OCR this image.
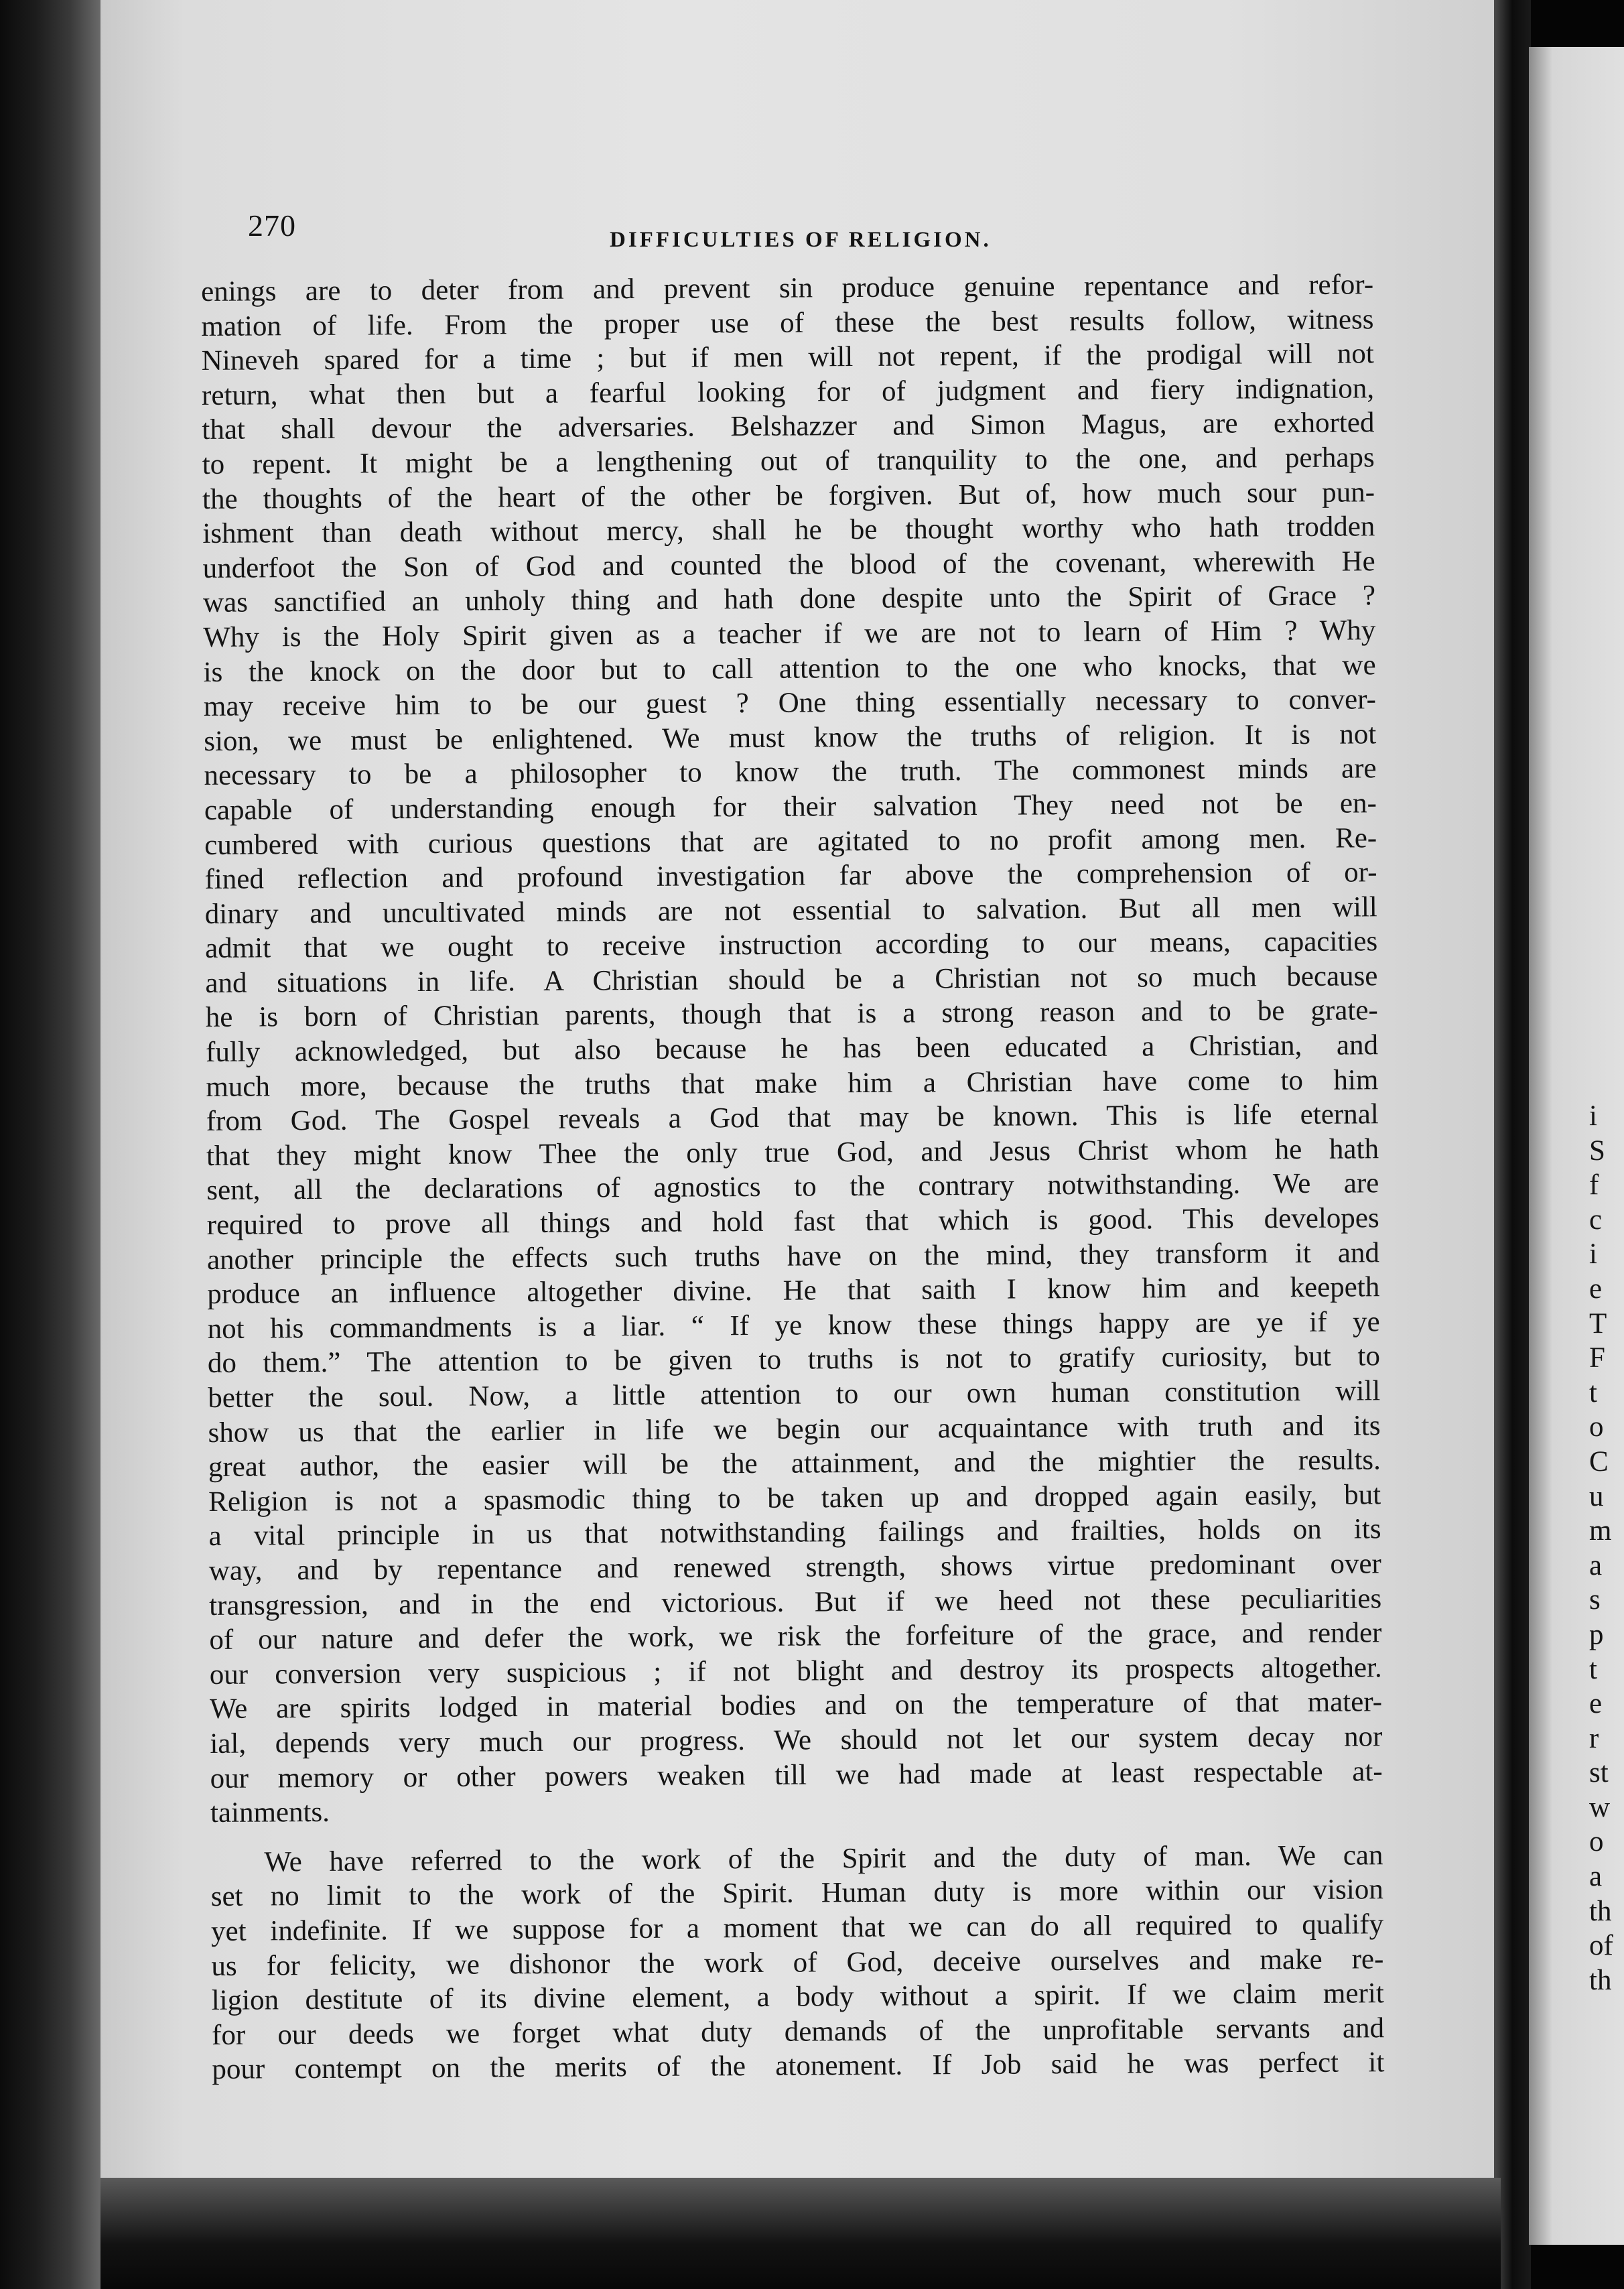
270	DIFFICULTIES OF RELIGION.
enings are to deter from and prevent sin produce genuine repentance and refor-
mation of life. From the proper use of these the best results follow, witness
Nineveh spared for a time ; but if men will not repent, if the prodigal will not
return, what then but a fearful looking for of judgment and fiery indignation,
that shall devour the adversaries. Belshazzer and Simon Magus, are exhorted
to repent. It might be a lengthening out of tranquility to the one, and perhaps
the thoughts of the heart of the other be forgiven. But of, how much sour pun-
ishment than death without mercy, shall he be thought worthy who hath trodden
underfoot the Son of God and counted the blood of the covenant, wherewith He
was sanctified an unholy thing and hath done despite unto the Spirit of Grace ?
Why is the Holy Spirit given as a teacher if we are not to learn of Him ? Why
is the knock on the door but to call attention to the one who knocks, that we
may receive him to be our guest ? One thing essentially necessary to conver-
sion, we must be enlightened. We must know the truths of religion. It is not
necessary to be a philosopher to know the truth. The commonest minds are
capable of understanding enough for their salvation They need not be en-
cumbered with curious questions that are agitated to no profit among men. Re-
fined reflection and profound investigation far above the comprehension of or-
dinary and uncultivated minds are not essential to salvation. But all men will
admit that we ought to receive instruction according to our means, capacities
and situations in life. A Christian should be a Christian not so much because
he is born of Christian parents, though that is a strong reason and to be grate-
fully acknowledged, but also because he has been educated a Christian, and
much more, because the truths that make him a Christian have come to him
from God. The Gospel reveals a God that may be known. This is life eternal
that they might know Thee the only true God, and Jesus Christ whom he hath
sent, all the declarations of agnostics to the contrary notwithstanding. We are
required to prove all things and hold fast that which is good. This developes
another principle the effects such truths have on the mind, they transform it and
produce an influence altogether divine. He that saith I know him and keepeth
not his commandments is a liar. “ If ye know these things happy are ye if ye
do them.” The attention to be given to truths is not to gratify curiosity, but to
better the soul. Now, a little attention to our own human constitution will
show us that the earlier in life we begin our acquaintance with truth and its
great author, the easier will be the attainment, and the mightier the results.
Religion is not a spasmodic thing to be taken up and dropped again easily, but
a vital principle in us that notwithstanding failings and frailties, holds on its
way, and by repentance and renewed strength, shows virtue predominant over
transgression, and in the end victorious. But if we heed not these peculiarities
of our nature and defer the work, we risk the forfeiture of the grace, and render
our conversion very suspicious ; if not blight and destroy its prospects altogether.
We are spirits lodged in material bodies and on the temperature of that mater-
ial, depends very much our progress. We should not let our system decay nor
our memory or other powers weaken till we had made at least respectable at-
tainments.
We have referred to the work of the Spirit and the duty of man. We can
set no limit to the work of the Spirit. Human duty is more within our vision
yet indefinite. If we suppose for a moment that we can do all required to qualify
us for felicity, we dishonor the work of God, deceive ourselves and make re-
ligion destitute of its divine element, a body without a spirit. If we claim merit
for our deeds we forget what duty demands of the unprofitable servants and
pour contempt on the merits of the atonement. If Job said he was perfect it
i
S
f
c
i
e
T
F
t
o
C
u
m
a
s
p
t
e
r
st
w
o
a
th
of
th
